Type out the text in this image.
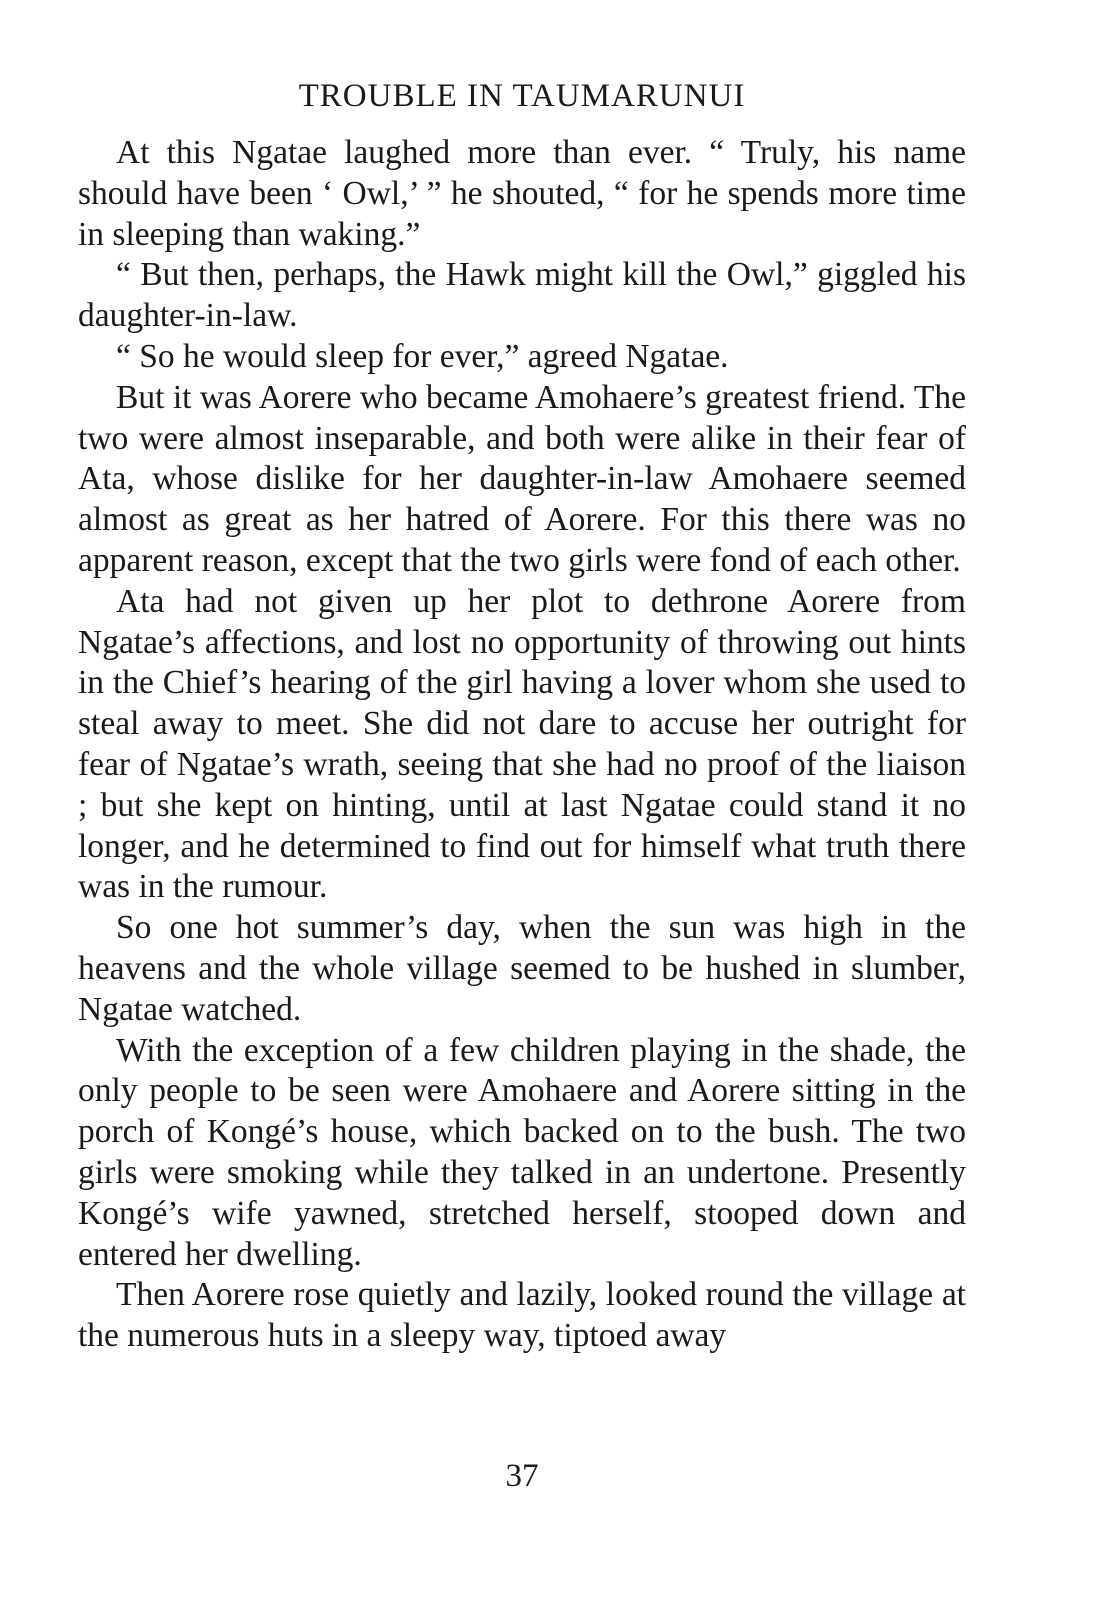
TROUBLE IN TAUMARUNUI

At this Ngatae laughed more than ever. “ Truly, his name should have been ‘ Owl,’ ” he shouted, “ for he spends more time in sleeping than waking.”

“ But then, perhaps, the Hawk might kill the Owl,” giggled his daughter-in-law.

“ So he would sleep for ever,” agreed Ngatae.

But it was Aorere who became Amohaere’s greatest friend. The two were almost inseparable, and both were alike in their fear of Ata, whose dislike for her daughter-in-law Amohaere seemed almost as great as her hatred of Aorere. For this there was no apparent reason, except that the two girls were fond of each other.

Ata had not given up her plot to dethrone Aorere from Ngatae’s affections, and lost no opportunity of throwing out hints in the Chief’s hearing of the girl having a lover whom she used to steal away to meet. She did not dare to accuse her outright for fear of Ngatae’s wrath, seeing that she had no proof of the liaison ; but she kept on hinting, until at last Ngatae could stand it no longer, and he determined to find out for himself what truth there was in the rumour.

So one hot summer’s day, when the sun was high in the heavens and the whole village seemed to be hushed in slumber, Ngatae watched.

With the exception of a few children playing in the shade, the only people to be seen were Amohaere and Aorere sitting in the porch of Kongé’s house, which backed on to the bush. The two girls were smoking while they talked in an undertone. Presently Kongé’s wife yawned, stretched herself, stooped down and entered her dwelling.

Then Aorere rose quietly and lazily, looked round the village at the numerous huts in a sleepy way, tiptoed away

37
